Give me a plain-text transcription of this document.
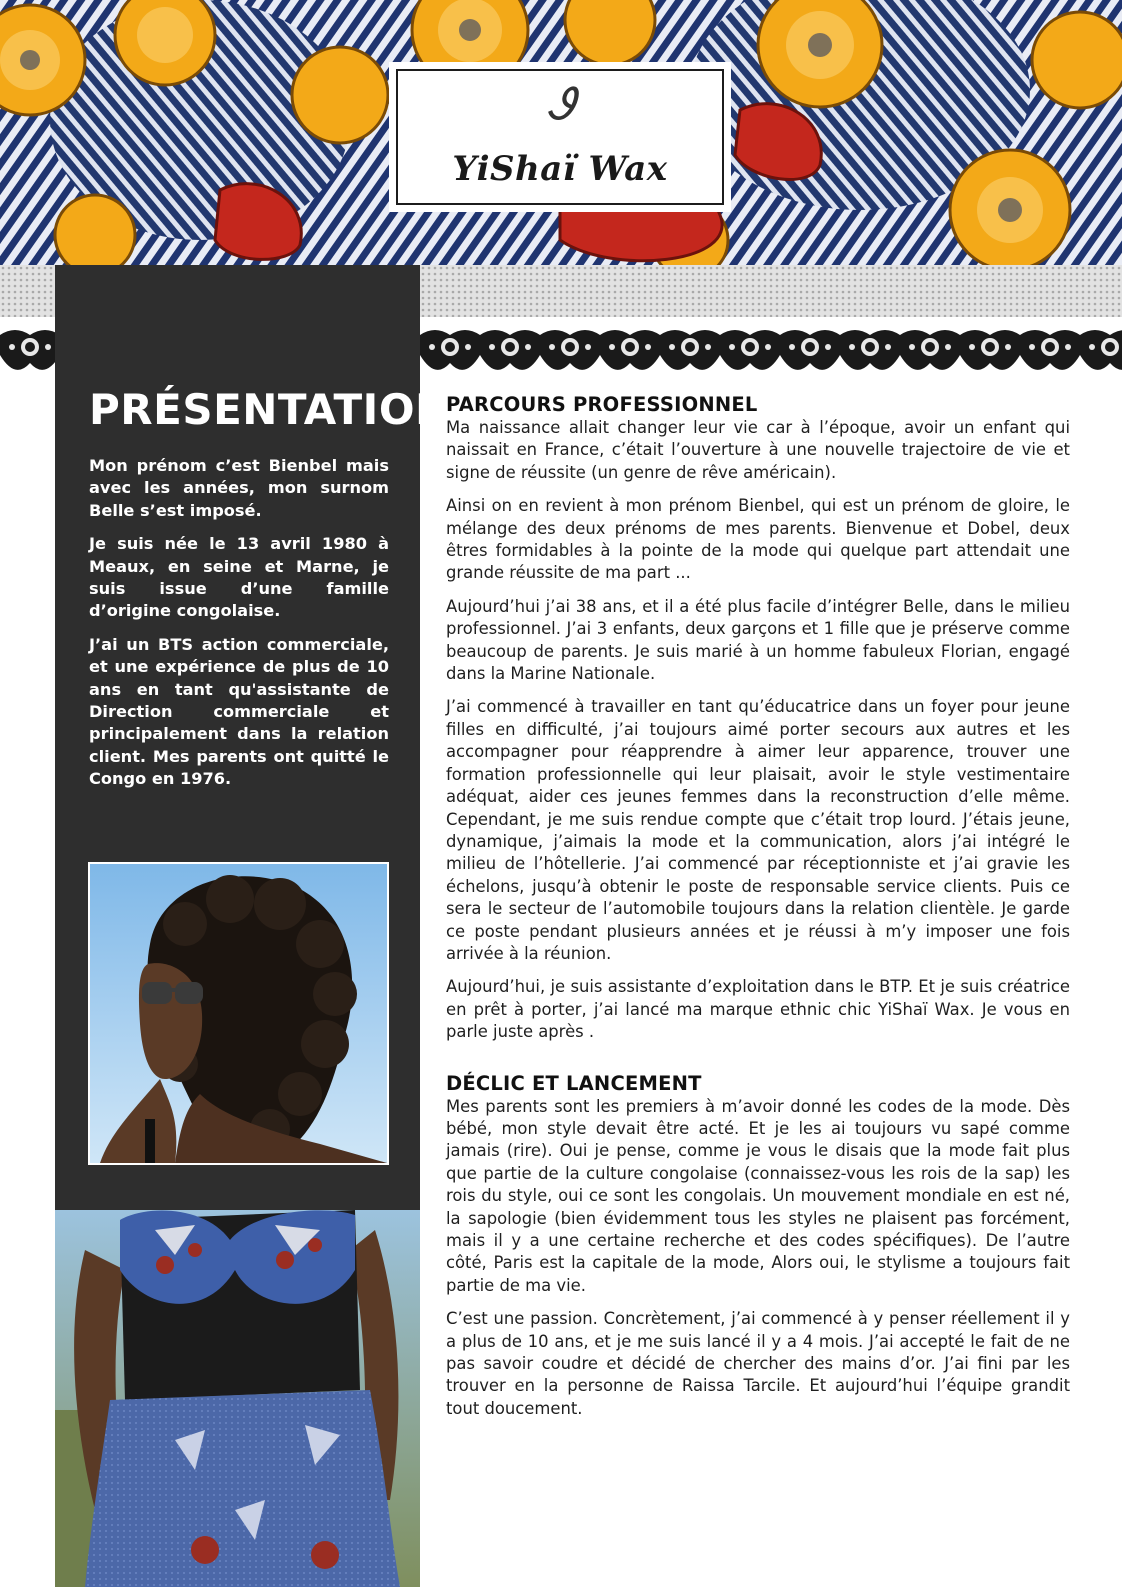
Ꮽ
YiShaï Wax
PRÉSENTATION

Mon prénom c’est Bienbel mais avec les années, mon surnom Belle s’est imposé.

Je suis née le 13 avril 1980 à Meaux, en seine et Marne, je suis issue d’une famille d’origine congolaise.

J’ai un BTS action commerciale, et une expérience de plus de 10 ans en tant qu'assistante de Direction commerciale et principalement dans la relation client. Mes parents ont quitté le Congo en 1976.

PARCOURS PROFESSIONNEL

Ma naissance allait changer leur vie car à l’époque, avoir un enfant qui naissait en France, c’était l’ouverture à une nouvelle trajectoire de vie et signe de réussite (un genre de rêve américain).

Ainsi on en revient à mon prénom Bienbel, qui est un prénom de gloire, le mélange des deux prénoms de mes parents. Bienvenue et Dobel, deux êtres formidables à la pointe de la mode qui quelque part attendait une grande réussite de ma part ...

Aujourd’hui j’ai 38 ans, et il a été plus facile d’intégrer Belle, dans le milieu professionnel. J’ai 3 enfants, deux garçons et 1 fille que je préserve comme beaucoup de parents. Je suis marié à un homme fabuleux Florian, engagé dans la Marine Nationale.

J’ai commencé à travailler en tant qu’éducatrice dans un foyer pour jeune filles en difficulté, j’ai toujours aimé porter secours aux autres et les accompagner pour réapprendre à aimer leur apparence, trouver une formation professionnelle qui leur plaisait, avoir le style vestimentaire adéquat, aider ces jeunes femmes dans la reconstruction d’elle même. Cependant, je me suis rendue compte que c’était trop lourd. J’étais jeune, dynamique, j’aimais la mode et la communication, alors j’ai intégré le milieu de l’hôtellerie. J’ai commencé par réceptionniste et j’ai gravie les échelons, jusqu’à obtenir le poste de responsable service clients. Puis ce sera le secteur de l’automobile toujours dans la relation clientèle. Je garde ce poste pendant plusieurs années et je réussi à m’y imposer une fois arrivée à la réunion.

Aujourd’hui, je suis assistante d’exploitation dans le BTP. Et je suis créatrice en prêt à porter, j’ai lancé ma marque ethnic chic YiShaï Wax. Je vous en parle juste après .

DÉCLIC ET LANCEMENT

Mes parents sont les premiers à m’avoir donné les codes de la mode. Dès bébé, mon style devait être acté. Et je les ai toujours vu sapé comme jamais (rire). Oui je pense, comme je vous le disais que la mode fait plus que partie de la culture congolaise (connaissez-vous les rois de la sap) les rois du style, oui ce sont les congolais. Un mouvement mondiale en est né, la sapologie (bien évidemment tous les styles ne plaisent pas forcément, mais il y a une certaine recherche et des codes spécifiques). De l’autre côté, Paris est la capitale de la mode, Alors oui, le stylisme a toujours fait partie de ma vie.

C’est une passion. Concrètement, j’ai commencé à y penser réellement il y a plus de 10 ans, et je me suis lancé il y a 4 mois. J’ai accepté le fait de ne pas savoir coudre et décidé de chercher des mains d’or. J’ai fini par les trouver en la personne de Raissa Tarcile. Et aujourd’hui l’équipe grandit tout doucement.
